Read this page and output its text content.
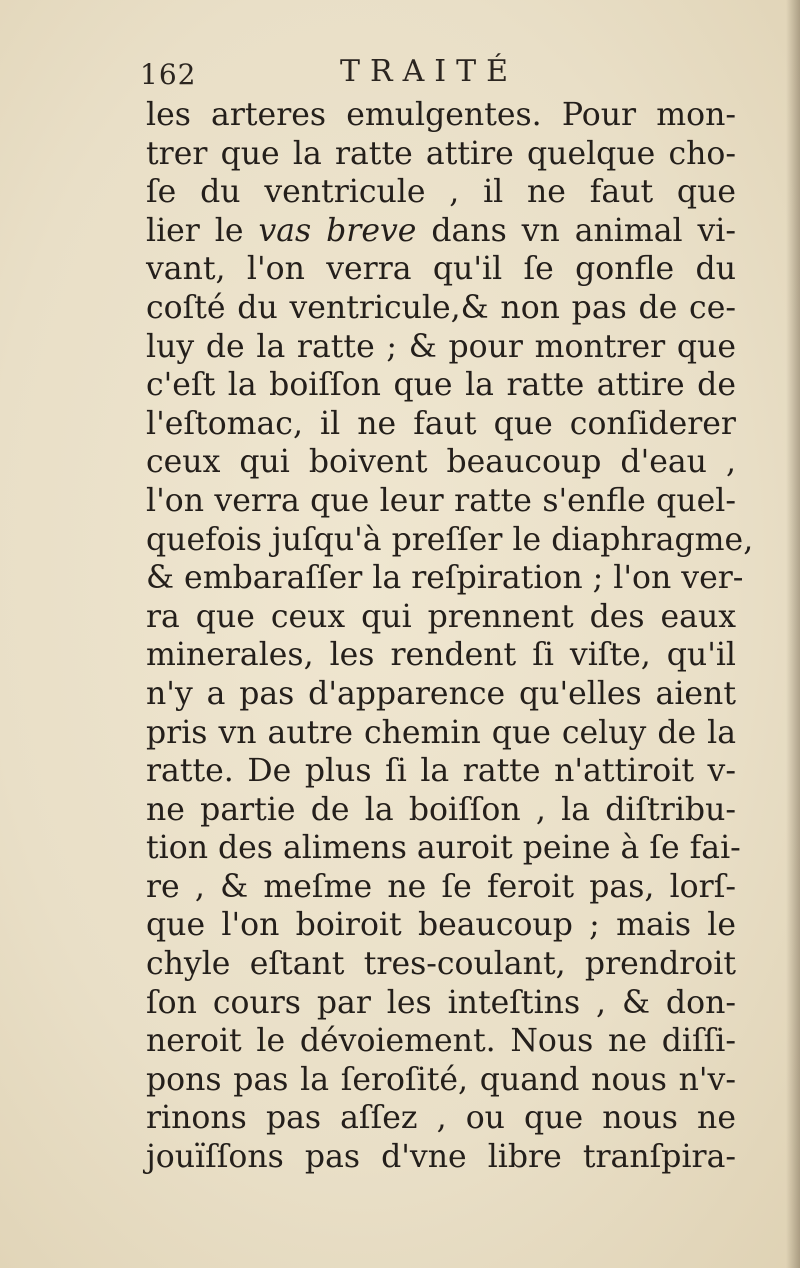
162	TRAITÉ
les arteres emulgentes. Pour mon-
trer que la ratte attire quelque cho-
ſe du ventricule , il ne faut que
lier le vas breve dans vn animal vi-
vant, l'on verra qu'il ſe gonfle du
coſté du ventricule,& non pas de ce-
luy de la ratte ; & pour montrer que
c'eſt la boiſſon que la ratte attire de
l'eſtomac, il ne faut que conſiderer
ceux qui boivent beaucoup d'eau ,
l'on verra que leur ratte s'enfle quel-
quefois juſqu'à preſſer le diaphragme,
& embaraſſer la reſpiration ; l'on ver-
ra que ceux qui prennent des eaux
minerales, les rendent ſi viſte, qu'il
n'y a pas d'apparence qu'elles aient
pris vn autre chemin que celuy de la
ratte. De plus ſi la ratte n'attiroit v-
ne partie de la boiſſon , la diſtribu-
tion des alimens auroit peine à ſe fai-
re , & meſme ne ſe feroit pas, lorſ-
que l'on boiroit beaucoup ; mais le
chyle eſtant tres-coulant, prendroit
ſon cours par les inteſtins , & don-
neroit le dévoiement. Nous ne diſſi-
pons pas la ſeroſité, quand nous n'v-
rinons pas aſſez , ou que nous ne
jouïſſons pas d'vne libre tranſpira-
